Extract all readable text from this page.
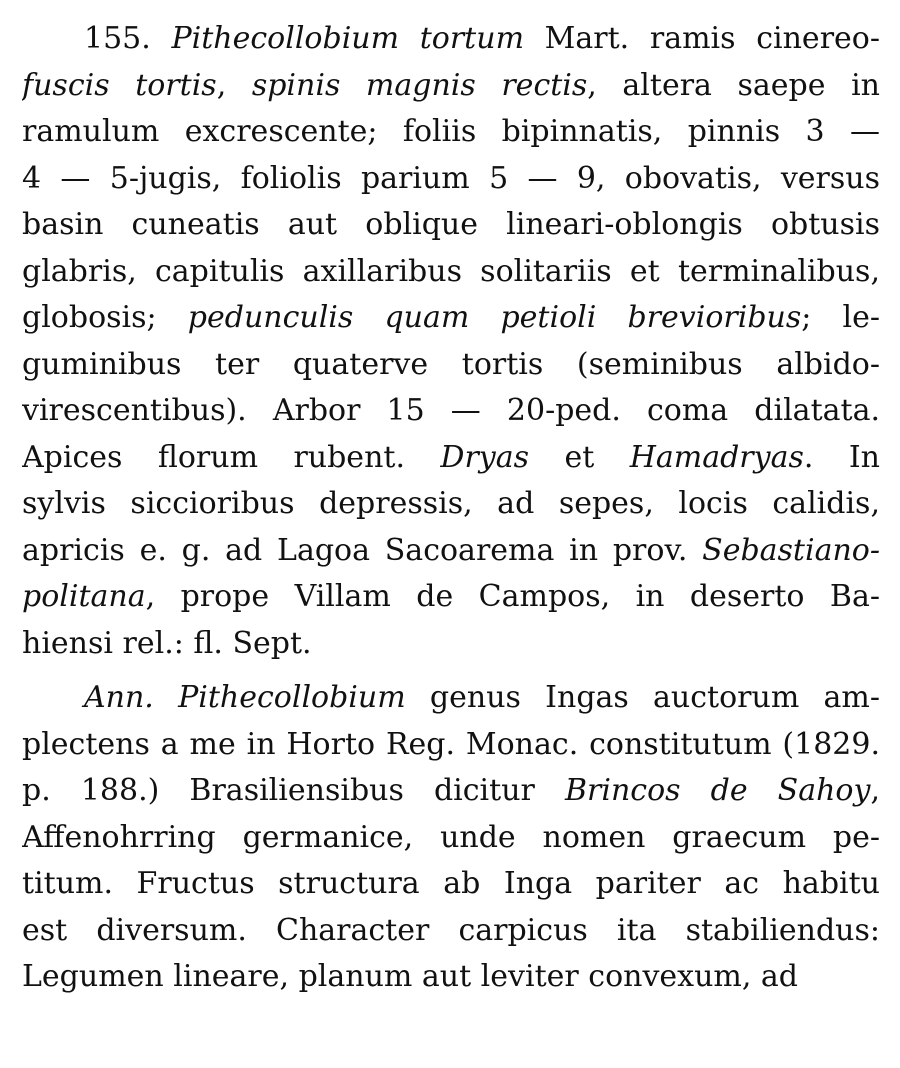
155. Pithecollobium tortum Mart. ramis cinereo-
fuscis tortis, spinis magnis rectis, altera saepe in
ramulum excrescente; foliis bipinnatis, pinnis 3 —
4 — 5-jugis, foliolis parium 5 — 9, obovatis, versus
basin cuneatis aut oblique lineari-oblongis obtusis
glabris, capitulis axillaribus solitariis et terminalibus,
globosis; pedunculis quam petioli brevioribus; le-
guminibus ter quaterve tortis (seminibus albido-
virescentibus). Arbor 15 — 20-ped. coma dilatata.
Apices florum rubent. Dryas et Hamadryas. In
sylvis siccioribus depressis, ad sepes, locis calidis,
apricis e. g. ad Lagoa Sacoarema in prov. Sebastiano-
politana, prope Villam de Campos, in deserto Ba-
hiensi rel.: fl. Sept.
Ann. Pithecollobium genus Ingas auctorum am-
plectens a me in Horto Reg. Monac. constitutum (1829.
p. 188.) Brasiliensibus dicitur Brincos de Sahoy,
Affenohrring germanice, unde nomen graecum pe-
titum. Fructus structura ab Inga pariter ac habitu
est diversum. Character carpicus ita stabiliendus:
Legumen lineare, planum aut leviter convexum, ad
